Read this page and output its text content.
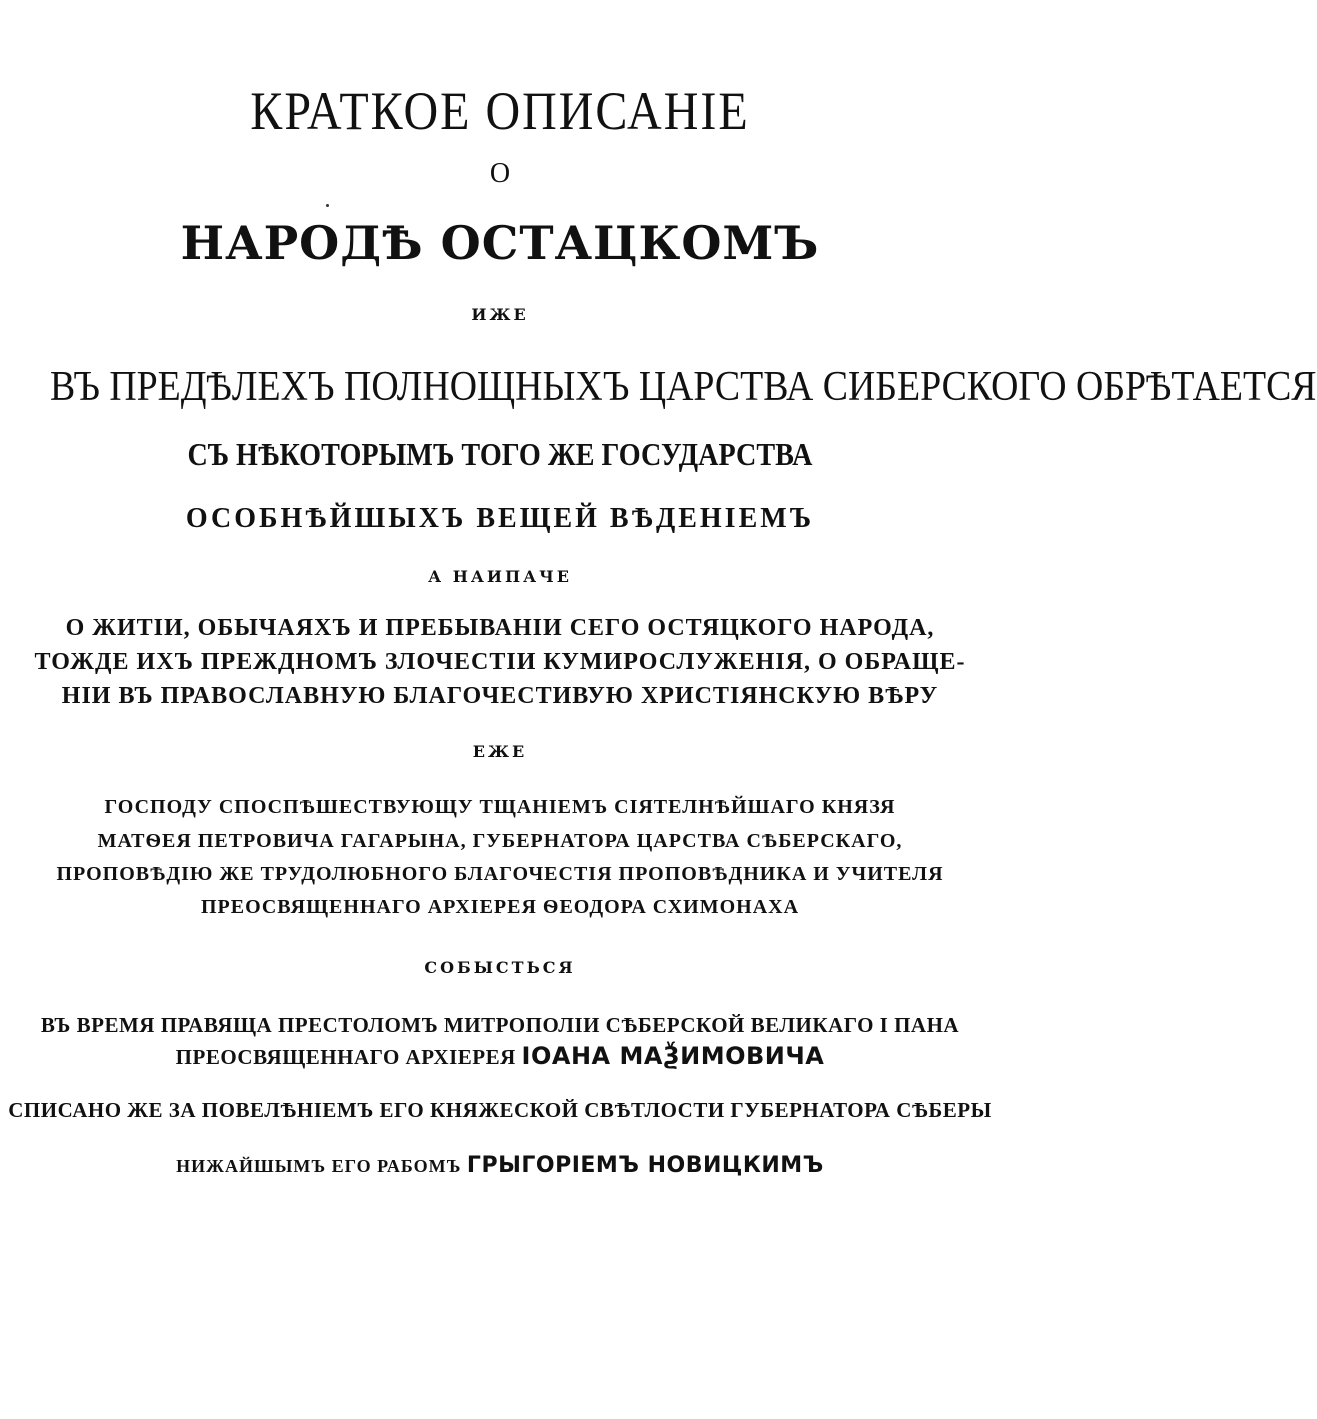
КРАТКОЕ ОПИСАНІЕ
О
НАРОДѢ ОСТАЦКОМЪ
ИЖЕ
ВЪ ПРЕДѢЛЕХЪ ПОЛНОЩНЫХЪ ЦАРСТВА СИБЕРСКОГО ОБРѢТАЕТСЯ
СЪ НѢКОТОРЫМЪ ТОГО ЖЕ ГОСУДАРСТВА
ОСОБНѢЙШЫХЪ ВЕЩЕЙ ВѢДЕНІЕМЪ
А НАИПАЧЕ
О ЖИТІИ, ОБЫЧАЯХЪ И ПРЕБЫВАНІИ СЕГО ОСТЯЦКОГО НАРОДА,
ТОЖДЕ ИХЪ ПРЕЖДНОМЪ ЗЛОЧЕСТІИ КУМИРОСЛУЖЕНІЯ, О ОБРАЩЕ-
НІИ ВЪ ПРАВОСЛАВНУЮ БЛАГОЧЕСТИВУЮ ХРИСТІЯНСКУЮ ВѢРУ
ЕЖЕ
ГОСПОДУ СПОСПѢШЕСТВУЮЩУ ТЩАНІЕМЪ СІЯТЕЛНѢЙШАГО КНЯЗЯ
МАТѲЕЯ ПЕТРОВИЧА ГАГАРЫНА, ГУБЕРНАТОРА ЦАРСТВА СѢБЕРСКАГО,
ПРОПОВѢДІЮ ЖЕ ТРУДОЛЮБНОГО БЛАГОЧЕСТІЯ ПРОПОВѢДНИКА И УЧИТЕЛЯ
ПРЕОСВЯЩЕННАГО АРХІЕРЕЯ ѲЕОДОРА СХИМОНАХА
СОБЫСТЬСЯ
ВЪ ВРЕМЯ ПРАВЯЩА ПРЕСТОЛОМЪ МИТРОПОЛІИ СѢБЕРСКОЙ ВЕЛИКАГО І ПАНА
ПРЕОСВЯЩЕННАГО АРХІЕРЕЯ ІОАНА МАѮИМОВИЧА
СПИСАНО ЖЕ ЗА ПОВЕЛѢНІЕМЪ ЕГО КНЯЖЕСКОЙ СВѢТЛОСТИ ГУБЕРНАТОРА СѢБЕРЫ
НИЖАЙШЫМЪ ЕГО РАБОМЪ ГРЫГОРІЕМЪ НОВИЦКИМЪ
